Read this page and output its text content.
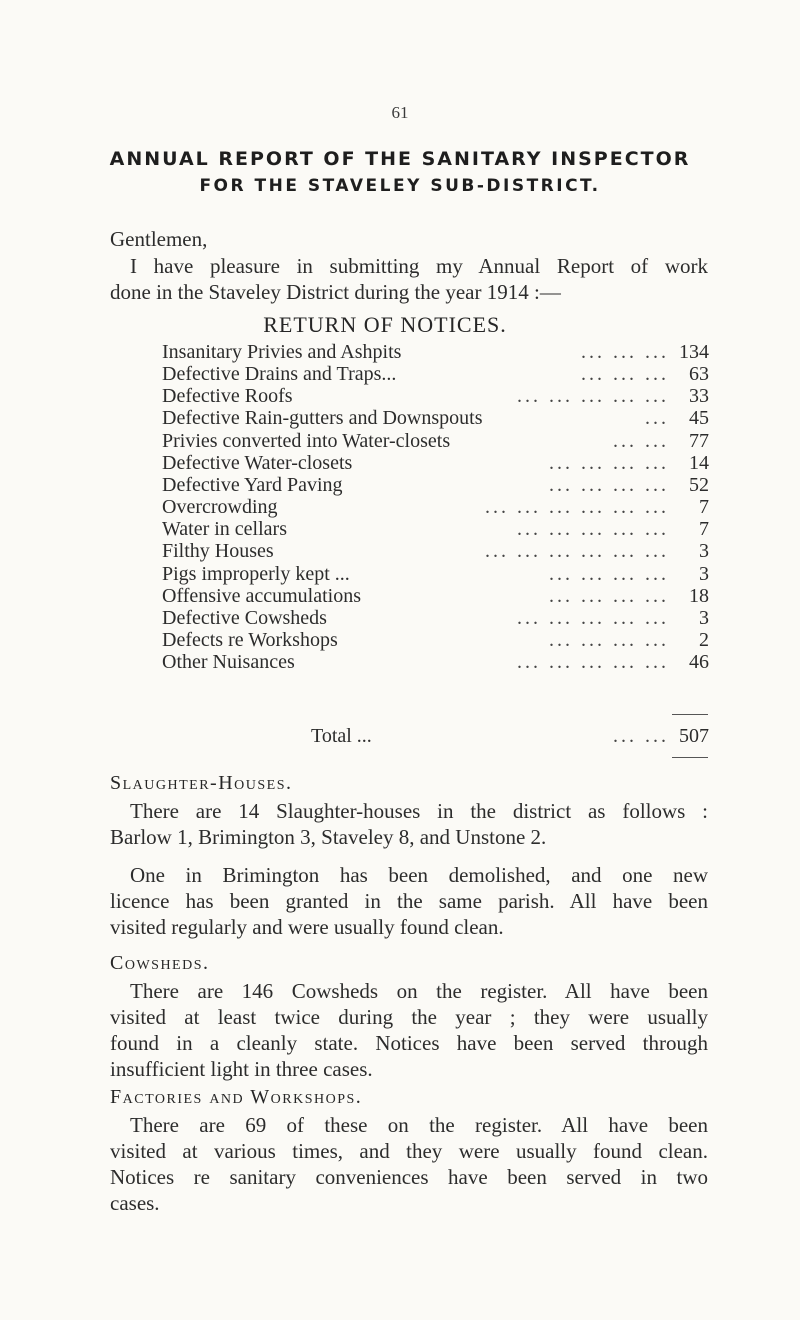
61
ANNUAL REPORT OF THE SANITARY INSPECTOR
FOR THE STAVELEY SUB-DISTRICT.
Gentlemen,
I have pleasure in submitting my Annual Report of work
done in the Staveley District during the year 1914 :—
RETURN OF NOTICES.
Insanitary Privies and Ashpits	... ... ... 134
Defective Drains and Traps...	... ... ...	63
Defective Roofs	... ... ... ... ...	33
Defective Rain-gutters and Downspouts	...	45
Privies converted into Water-closets	... ...	77
Defective Water-closets	... ... ... ...	14
Defective Yard Paving	... ... ... ...	52
Overcrowding	... ... ... ... ... ...	7
Water in cellars	... ... ... ... ...	7
Filthy Houses	... ... ... ... ... ...	3
Pigs improperly kept ...	... ... ... ...	3
Offensive accumulations	... ... ... ...	18
Defective Cowsheds	... ... ... ... ...	3
Defects re Workshops	... ... ... ...	2
Other Nuisances	... ... ... ... ...	46
Total ...	... ... 507
Slaughter-Houses.
There are 14 Slaughter-houses in the district as follows :
Barlow 1, Brimington 3, Staveley 8, and Unstone 2.
One in Brimington has been demolished, and one new
licence has been granted in the same parish. All have been
visited regularly and were usually found clean.
Cowsheds.
There are 146 Cowsheds on the register. All have been
visited at least twice during the year ; they were usually
found in a cleanly state. Notices have been served through
insufficient light in three cases.
Factories and Workshops.
There are 69 of these on the register. All have been
visited at various times, and they were usually found clean.
Notices re sanitary conveniences have been served in two
cases.
